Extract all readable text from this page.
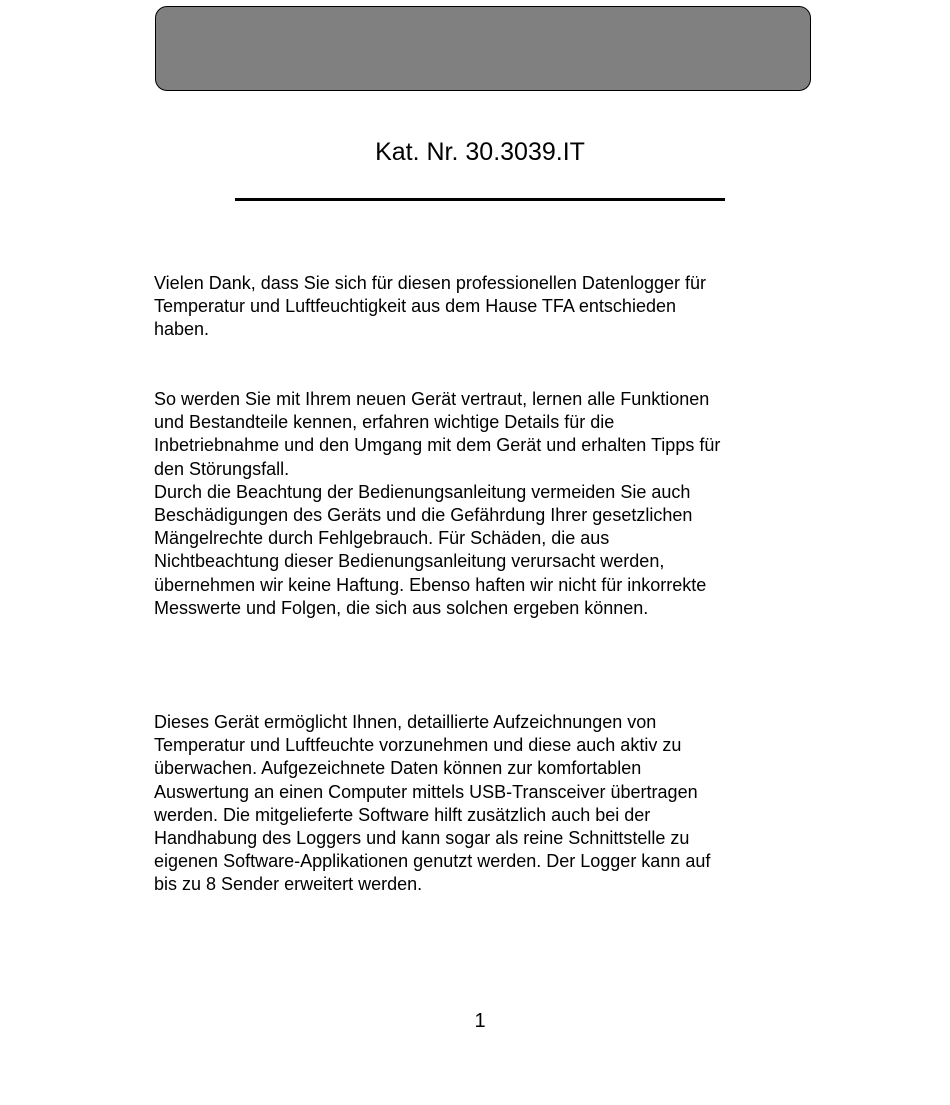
Kat. Nr. 30.3039.IT

Vielen Dank, dass Sie sich für diesen professionellen Datenlogger für
Temperatur und Luftfeuchtigkeit aus dem Hause TFA entschieden
haben.

So werden Sie mit Ihrem neuen Gerät vertraut, lernen alle Funktionen
und Bestandteile kennen, erfahren wichtige Details für die
Inbetriebnahme und den Umgang mit dem Gerät und erhalten Tipps für
den Störungsfall.
Durch die Beachtung der Bedienungsanleitung vermeiden Sie auch
Beschädigungen des Geräts und die Gefährdung Ihrer gesetzlichen
Mängelrechte durch Fehlgebrauch. Für Schäden, die aus
Nichtbeachtung dieser Bedienungsanleitung verursacht werden,
übernehmen wir keine Haftung. Ebenso haften wir nicht für inkorrekte
Messwerte und Folgen, die sich aus solchen ergeben können.

Dieses Gerät ermöglicht Ihnen, detaillierte Aufzeichnungen von
Temperatur und Luftfeuchte vorzunehmen und diese auch aktiv zu
überwachen. Aufgezeichnete Daten können zur komfortablen
Auswertung an einen Computer mittels USB-Transceiver übertragen
werden. Die mitgelieferte Software hilft zusätzlich auch bei der
Handhabung des Loggers und kann sogar als reine Schnittstelle zu
eigenen Software-Applikationen genutzt werden. Der Logger kann auf
bis zu 8 Sender erweitert werden.

1
